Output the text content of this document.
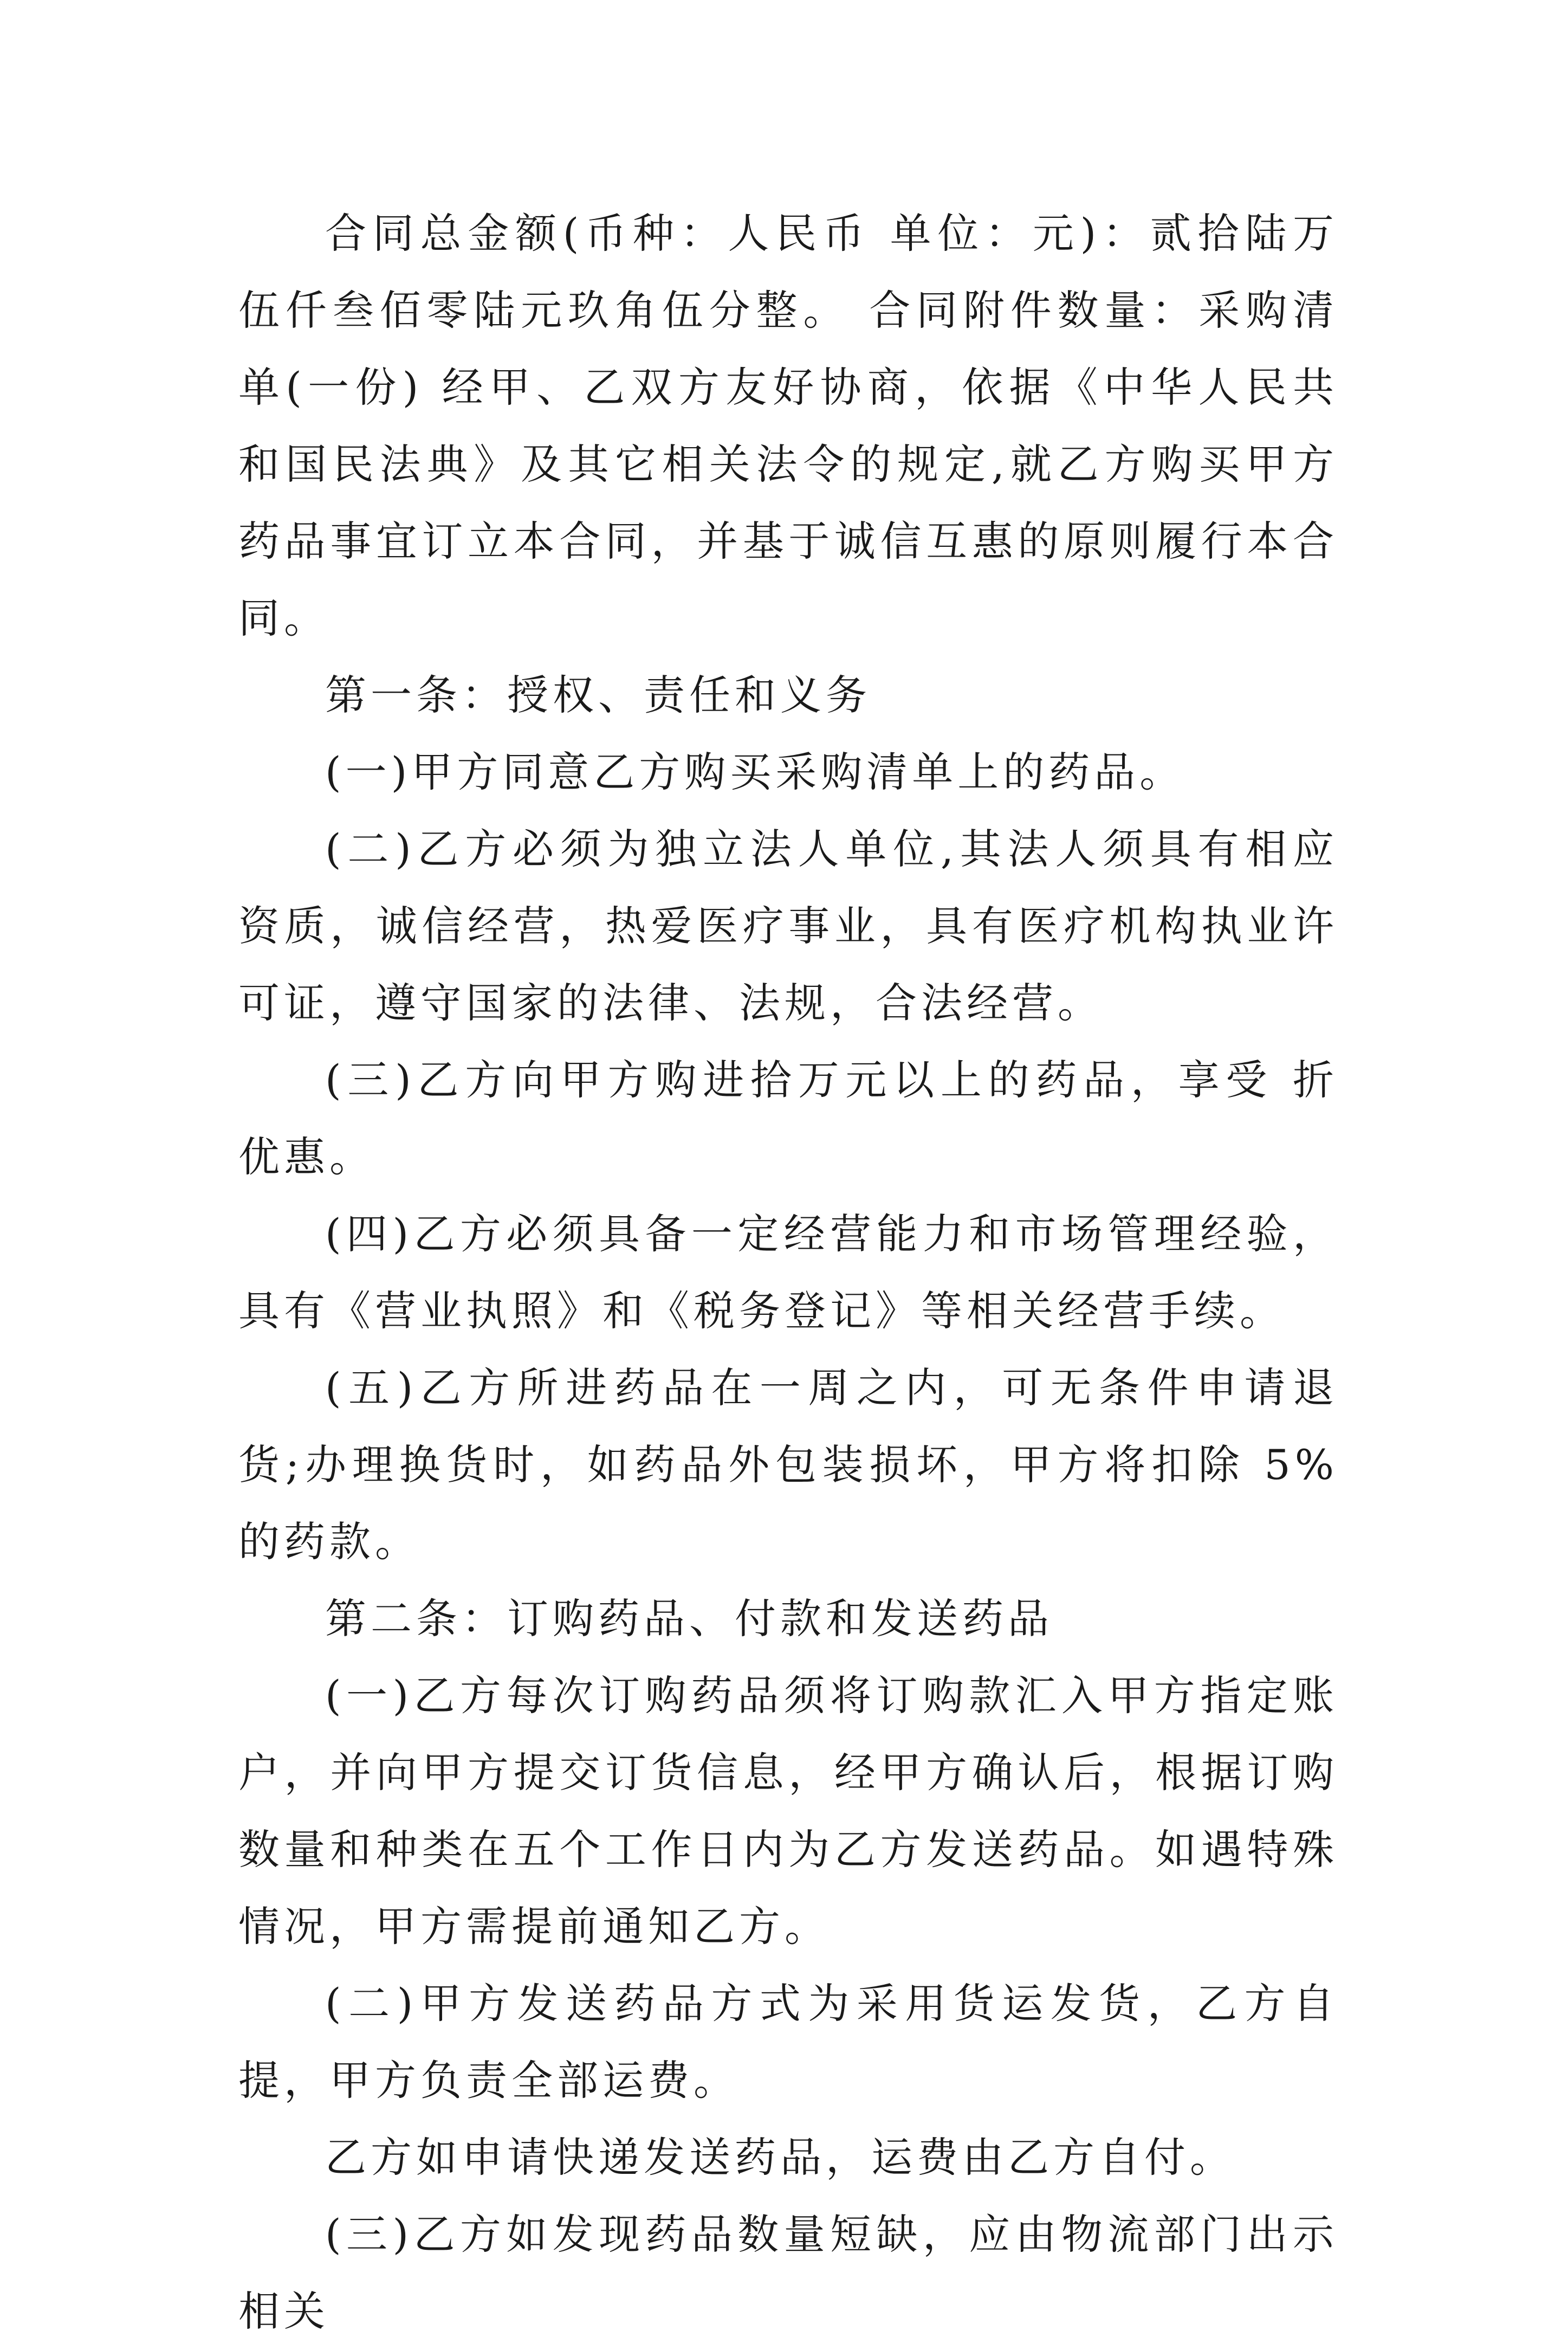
合同总金额(币种：人民币 单位：元)：贰拾陆万伍仟叁佰零陆元玖角伍分整。 合同附件数量：采购清单(一份) 经甲、乙双方友好协商，依据《中华人民共和国民法典》及其它相关法令的规定,就乙方购买甲方药品事宜订立本合同，并基于诚信互惠的原则履行本合同。

第一条：授权、责任和义务

(一)甲方同意乙方购买采购清单上的药品。

(二)乙方必须为独立法人单位,其法人须具有相应资质，诚信经营，热爱医疗事业，具有医疗机构执业许可证，遵守国家的法律、法规，合法经营。

(三)乙方向甲方购进拾万元以上的药品，享受 折优惠。

(四)乙方必须具备一定经营能力和市场管理经验，具有《营业执照》和《税务登记》等相关经营手续。

(五)乙方所进药品在一周之内，可无条件申请退货;办理换货时，如药品外包装损坏，甲方将扣除 5%的药款。

第二条：订购药品、付款和发送药品

(一)乙方每次订购药品须将订购款汇入甲方指定账户，并向甲方提交订货信息，经甲方确认后，根据订购数量和种类在五个工作日内为乙方发送药品。如遇特殊情况，甲方需提前通知乙方。

(二)甲方发送药品方式为采用货运发货，乙方自提，甲方负责全部运费。

乙方如申请快递发送药品，运费由乙方自付。

(三)乙方如发现药品数量短缺，应由物流部门出示相关
